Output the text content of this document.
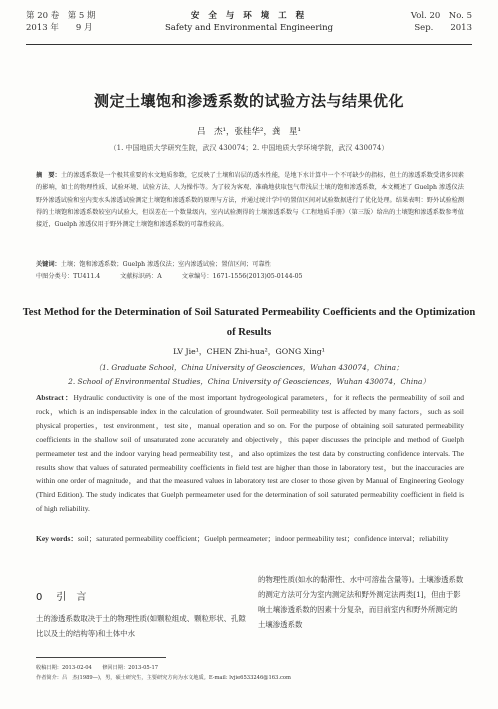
第 20 卷　第 5 期
2013 年　　9 月
安 全 与 环 境 工 程
Safety and Environmental Engineering
Vol. 20　No. 5
Sep.　　2013
测定土壤饱和渗透系数的试验方法与结果优化
吕　杰¹，张桂华²，龚　星¹
（1. 中国地质大学研究生院，武汉 430074；2. 中国地质大学环境学院，武汉 430074）
摘　要：土的渗透系数是一个极其重要的水文地质参数，它反映了土壤和岩层的透水性能，是地下水计算中一个不可缺少的指标，但土的渗透系数受诸多因素的影响，如土的物理性质、试验环境、试验方法、人为操作等。为了较为客观、准确地获取包气带浅层土壤的饱和渗透系数，本文概述了 Guelph 渗透仪法野外渗透试验和室内变水头渗透试验测定土壤饱和渗透系数的原理与方法，并通过统计学中的置信区间对试验数据进行了优化处理。结果表明：野外试验检测得的土壤饱和渗透系数较室内试验大，但误差在一个数量级内，室内试验测得的土壤渗透系数与《工程地质手册》（第三版）给出的土壤饱和渗透系数参考值接近，Guelph 渗透仪用于野外测定土壤饱和渗透系数的可靠性较高。
关键词：土壤；饱和渗透系数；Guelph 渗透仪法；室内渗透试验；置信区间；可靠性
中图分类号：TU411.4	文献标识码：A	文章编号：1671-1556(2013)05-0144-05
Test Method for the Determination of Soil Saturated Permeability Coefficients and the Optimization of Results
LV Jie¹，CHEN Zhi-hua²，GONG Xing¹
（1. Graduate School，China University of Geosciences，Wuhan 430074，China；
2. School of Environmental Studies，China University of Geosciences，Wuhan 430074，China）
Abstract：Hydraulic conductivity is one of the most important hydrogeological parameters，for it reflects the permeability of soil and rock，which is an indispensable index in the calculation of groundwater. Soil permeability test is affected by many factors，such as soil physical properties，test environment，test site，manual operation and so on. For the purpose of obtaining soil saturated permeability coefficients in the shallow soil of unsaturated zone accurately and objectively，this paper discusses the principle and method of Guelph permeameter test and the indoor varying head permeability test，and also optimizes the test data by constructing confidence intervals. The results show that values of saturated permeability coefficients in field test are higher than those in laboratory test，but the inaccuracies are within one order of magnitude，and that the measured values in laboratory test are closer to those given by Manual of Engineering Geology (Third Edition). The study indicates that Guelph permeameter used for the determination of soil saturated permeability coefficient in field is of high reliability.
Key words：soil；saturated permeability coefficient；Guelph permeameter；indoor permeability test；confidence interval；reliability
0 引　言
土的渗透系数取决于土的物理性质(如颗粒组成、颗粒形状、孔隙比以及土的结构等)和土体中水
的物理性质(如水的黏滞性、水中可溶盐含量等)。土壤渗透系数的测定方法可分为室内测定法和野外测定法两类[1]，但由于影响土壤渗透系数的因素十分复杂，而目前室内和野外所测定的土壤渗透系数
收稿日期：2013-02-04　　修回日期：2013-05-17
作者简介：吕　杰(1989—)，男，硕士研究生，主要研究方向为水文地质。E-mail: lvjie6533246@163.com
